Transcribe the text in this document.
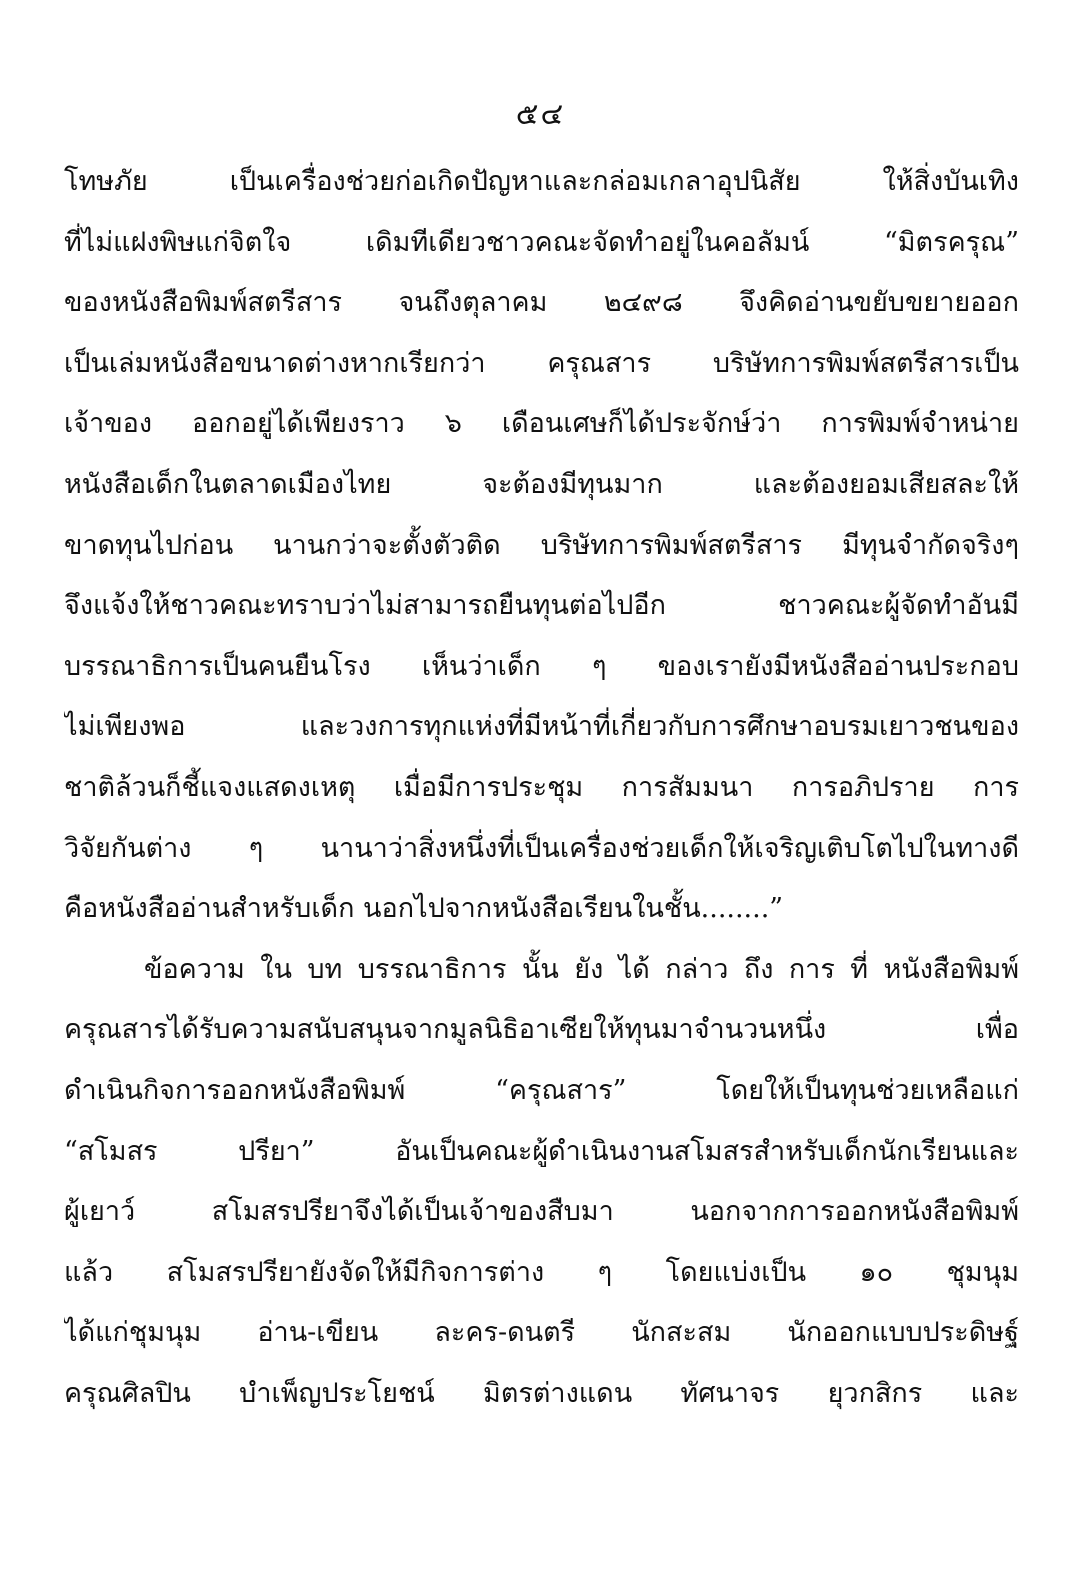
๕๔
โทษภัย เป็นเครื่องช่วยก่อเกิดปัญหาและกล่อมเกลาอุปนิสัย ให้สิ่งบันเทิง
ที่ไม่แฝงพิษแก่จิตใจ เดิมทีเดียวชาวคณะจัดทำอยู่ในคอลัมน์ “มิตรครุณ”
ของหนังสือพิมพ์สตรีสาร จนถึงตุลาคม ๒๔๙๘ จึงคิดอ่านขยับขยายออก
เป็นเล่มหนังสือขนาดต่างหากเรียกว่า ครุณสาร บริษัทการพิมพ์สตรีสารเป็น
เจ้าของ ออกอยู่ได้เพียงราว ๖ เดือนเศษก็ได้ประจักษ์ว่า การพิมพ์จำหน่าย
หนังสือเด็กในตลาดเมืองไทย จะต้องมีทุนมาก และต้องยอมเสียสละให้
ขาดทุนไปก่อน นานกว่าจะตั้งตัวติด บริษัทการพิมพ์สตรีสาร มีทุนจำกัดจริงๆ
จึงแจ้งให้ชาวคณะทราบว่าไม่สามารถยืนทุนต่อไปอีก ชาวคณะผู้จัดทำอันมี
บรรณาธิการเป็นคนยืนโรง เห็นว่าเด็ก ๆ ของเรายังมีหนังสืออ่านประกอบ
ไม่เพียงพอ และวงการทุกแห่งที่มีหน้าที่เกี่ยวกับการศึกษาอบรมเยาวชนของ
ชาติล้วนก็ชี้แจงแสดงเหตุ เมื่อมีการประชุม การสัมมนา การอภิปราย การ
วิจัยกันต่าง ๆ นานาว่าสิ่งหนึ่งที่เป็นเครื่องช่วยเด็กให้เจริญเติบโตไปในทางดี
คือหนังสืออ่านสำหรับเด็ก นอกไปจากหนังสือเรียนในชั้น........”
ข้อความ ใน บท บรรณาธิการ นั้น ยัง ได้ กล่าว ถึง การ ที่ หนังสือพิมพ์
ครุณสารได้รับความสนับสนุนจากมูลนิธิอาเซียให้ทุนมาจำนวนหนึ่ง เพื่อ
ดำเนินกิจการออกหนังสือพิมพ์ “ครุณสาร” โดยให้เป็นทุนช่วยเหลือแก่
“สโมสร ปรียา” อันเป็นคณะผู้ดำเนินงานสโมสรสำหรับเด็กนักเรียนและ
ผู้เยาว์ สโมสรปรียาจึงได้เป็นเจ้าของสืบมา นอกจากการออกหนังสือพิมพ์
แล้ว สโมสรปรียายังจัดให้มีกิจการต่าง ๆ โดยแบ่งเป็น ๑๐ ชุมนุม
ได้แก่ชุมนุม อ่าน-เขียน ละคร-ดนตรี นักสะสม นักออกแบบประดิษฐ์
ครุณศิลปิน บำเพ็ญประโยชน์ มิตรต่างแดน ทัศนาจร ยุวกสิกร และ
